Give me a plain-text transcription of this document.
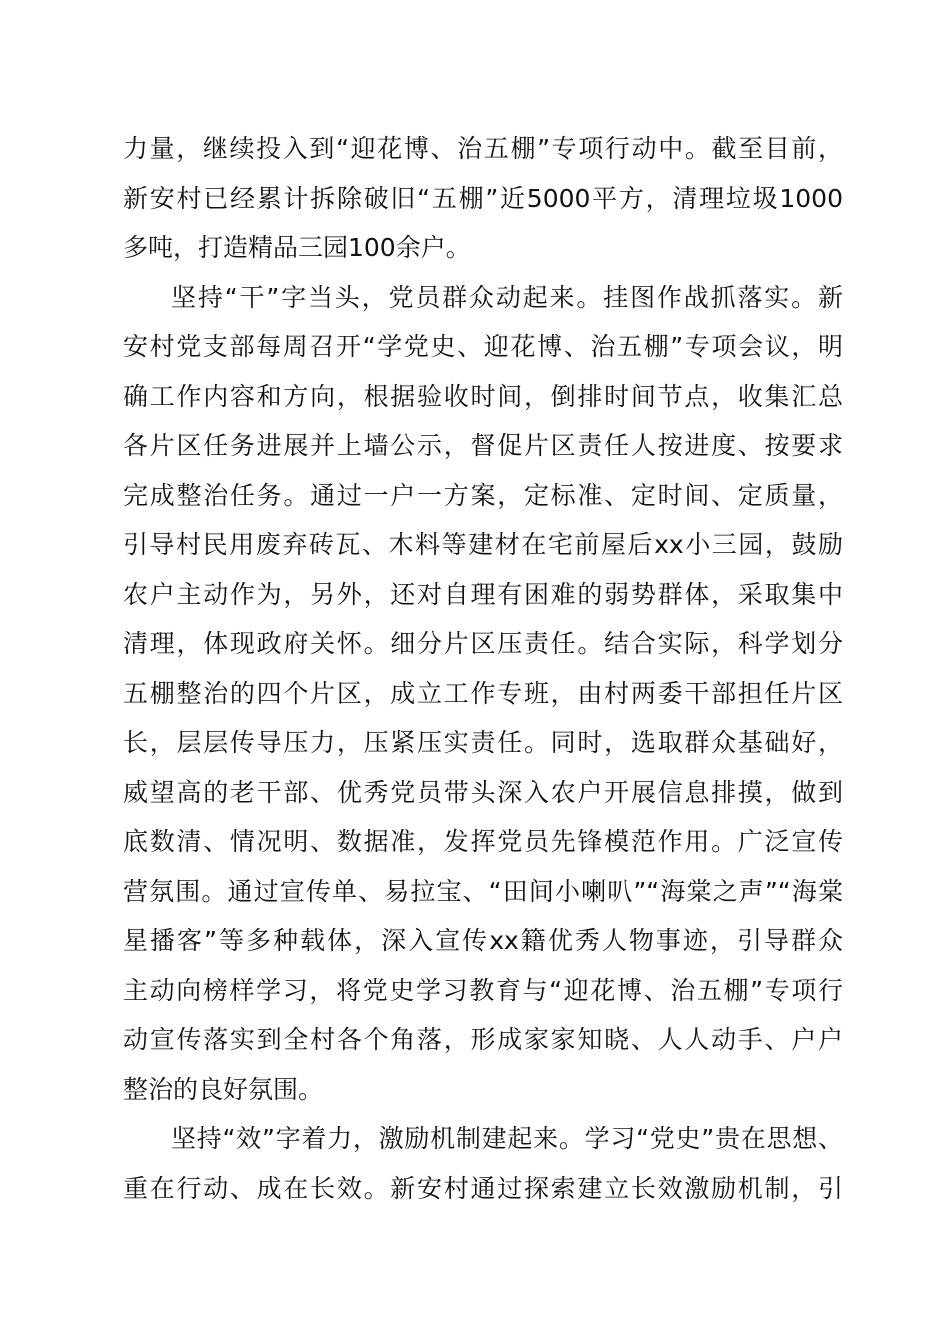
力量，继续投入到“迎花博、治五棚”专项行动中。截至目前，
新安村已经累计拆除破旧“五棚”近5000平方，清理垃圾1000
多吨，打造精品三园100余户。
坚持“干”字当头，党员群众动起来。挂图作战抓落实。新
安村党支部每周召开“学党史、迎花博、治五棚”专项会议，明
确工作内容和方向，根据验收时间，倒排时间节点，收集汇总
各片区任务进展并上墙公示，督促片区责任人按进度、按要求
完成整治任务。通过一户一方案，定标准、定时间、定质量，
引导村民用废弃砖瓦、木料等建材在宅前屋后xx小三园，鼓励
农户主动作为，另外，还对自理有困难的弱势群体，采取集中
清理，体现政府关怀。细分片区压责任。结合实际，科学划分
五棚整治的四个片区，成立工作专班，由村两委干部担任片区
长，层层传导压力，压紧压实责任。同时，选取群众基础好，
威望高的老干部、优秀党员带头深入农户开展信息排摸，做到
底数清、情况明、数据准，发挥党员先锋模范作用。广泛宣传
营氛围。通过宣传单、易拉宝、“田间小喇叭”“海棠之声”“海棠
星播客”等多种载体，深入宣传xx籍优秀人物事迹，引导群众
主动向榜样学习，将党史学习教育与“迎花博、治五棚”专项行
动宣传落实到全村各个角落，形成家家知晓、人人动手、户户
整治的良好氛围。
坚持“效”字着力，激励机制建起来。学习“党史”贵在思想、
重在行动、成在长效。新安村通过探索建立长效激励机制，引
